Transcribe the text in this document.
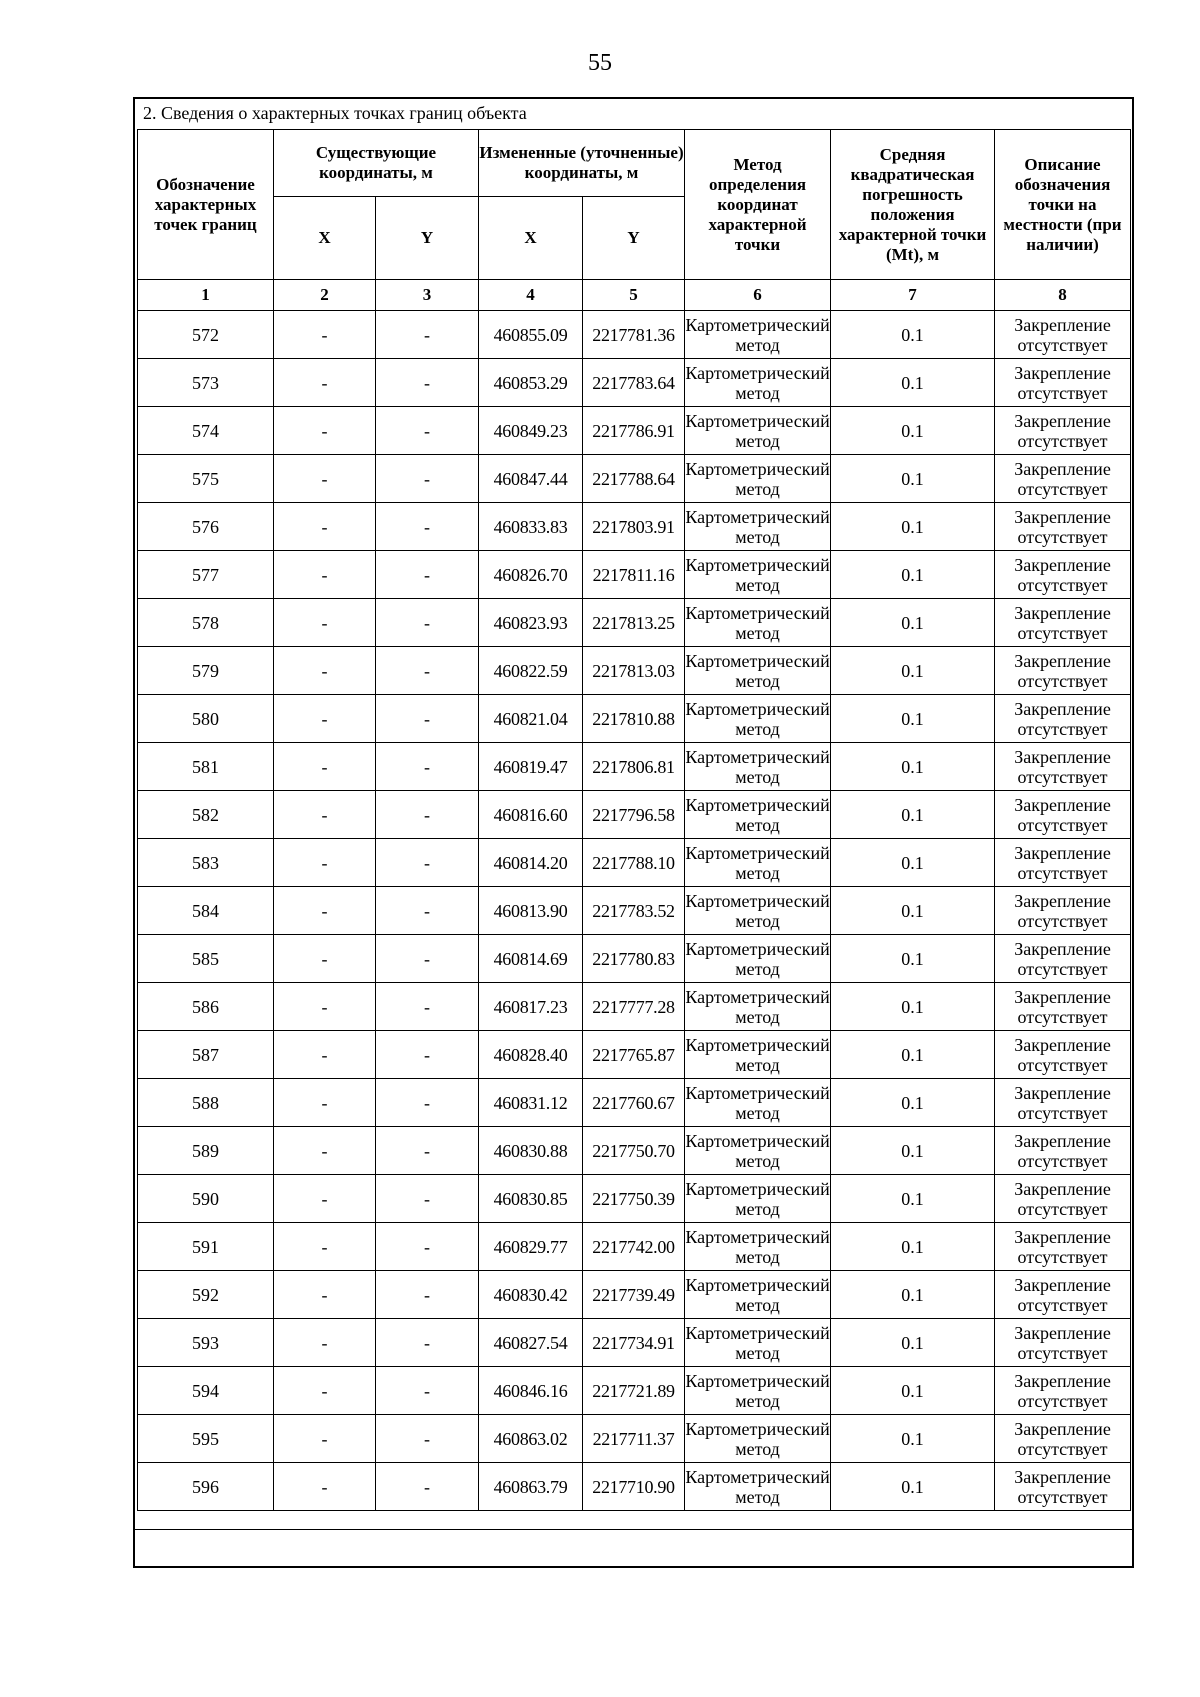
55
2. Сведения о характерных точках границ объекта
Обозначение характерных точек границ	Существующие координаты, м		Измененные (уточненные) координаты, м		Метод определения координат характерной точки	Средняя квадратическая погрешность положения характерной точки (Mt), м	Описание обозначения точки на местности (при наличии)
	X	Y	X	Y			
1	2	3	4	5	6	7	8
572	-	-	460855.09	2217781.36	Картометрический метод	0.1	Закрепление отсутствует
573	-	-	460853.29	2217783.64	Картометрический метод	0.1	Закрепление отсутствует
574	-	-	460849.23	2217786.91	Картометрический метод	0.1	Закрепление отсутствует
575	-	-	460847.44	2217788.64	Картометрический метод	0.1	Закрепление отсутствует
576	-	-	460833.83	2217803.91	Картометрический метод	0.1	Закрепление отсутствует
577	-	-	460826.70	2217811.16	Картометрический метод	0.1	Закрепление отсутствует
578	-	-	460823.93	2217813.25	Картометрический метод	0.1	Закрепление отсутствует
579	-	-	460822.59	2217813.03	Картометрический метод	0.1	Закрепление отсутствует
580	-	-	460821.04	2217810.88	Картометрический метод	0.1	Закрепление отсутствует
581	-	-	460819.47	2217806.81	Картометрический метод	0.1	Закрепление отсутствует
582	-	-	460816.60	2217796.58	Картометрический метод	0.1	Закрепление отсутствует
583	-	-	460814.20	2217788.10	Картометрический метод	0.1	Закрепление отсутствует
584	-	-	460813.90	2217783.52	Картометрический метод	0.1	Закрепление отсутствует
585	-	-	460814.69	2217780.83	Картометрический метод	0.1	Закрепление отсутствует
586	-	-	460817.23	2217777.28	Картометрический метод	0.1	Закрепление отсутствует
587	-	-	460828.40	2217765.87	Картометрический метод	0.1	Закрепление отсутствует
588	-	-	460831.12	2217760.67	Картометрический метод	0.1	Закрепление отсутствует
589	-	-	460830.88	2217750.70	Картометрический метод	0.1	Закрепление отсутствует
590	-	-	460830.85	2217750.39	Картометрический метод	0.1	Закрепление отсутствует
591	-	-	460829.77	2217742.00	Картометрический метод	0.1	Закрепление отсутствует
592	-	-	460830.42	2217739.49	Картометрический метод	0.1	Закрепление отсутствует
593	-	-	460827.54	2217734.91	Картометрический метод	0.1	Закрепление отсутствует
594	-	-	460846.16	2217721.89	Картометрический метод	0.1	Закрепление отсутствует
595	-	-	460863.02	2217711.37	Картометрический метод	0.1	Закрепление отсутствует
596	-	-	460863.79	2217710.90	Картометрический метод	0.1	Закрепление отсутствует
